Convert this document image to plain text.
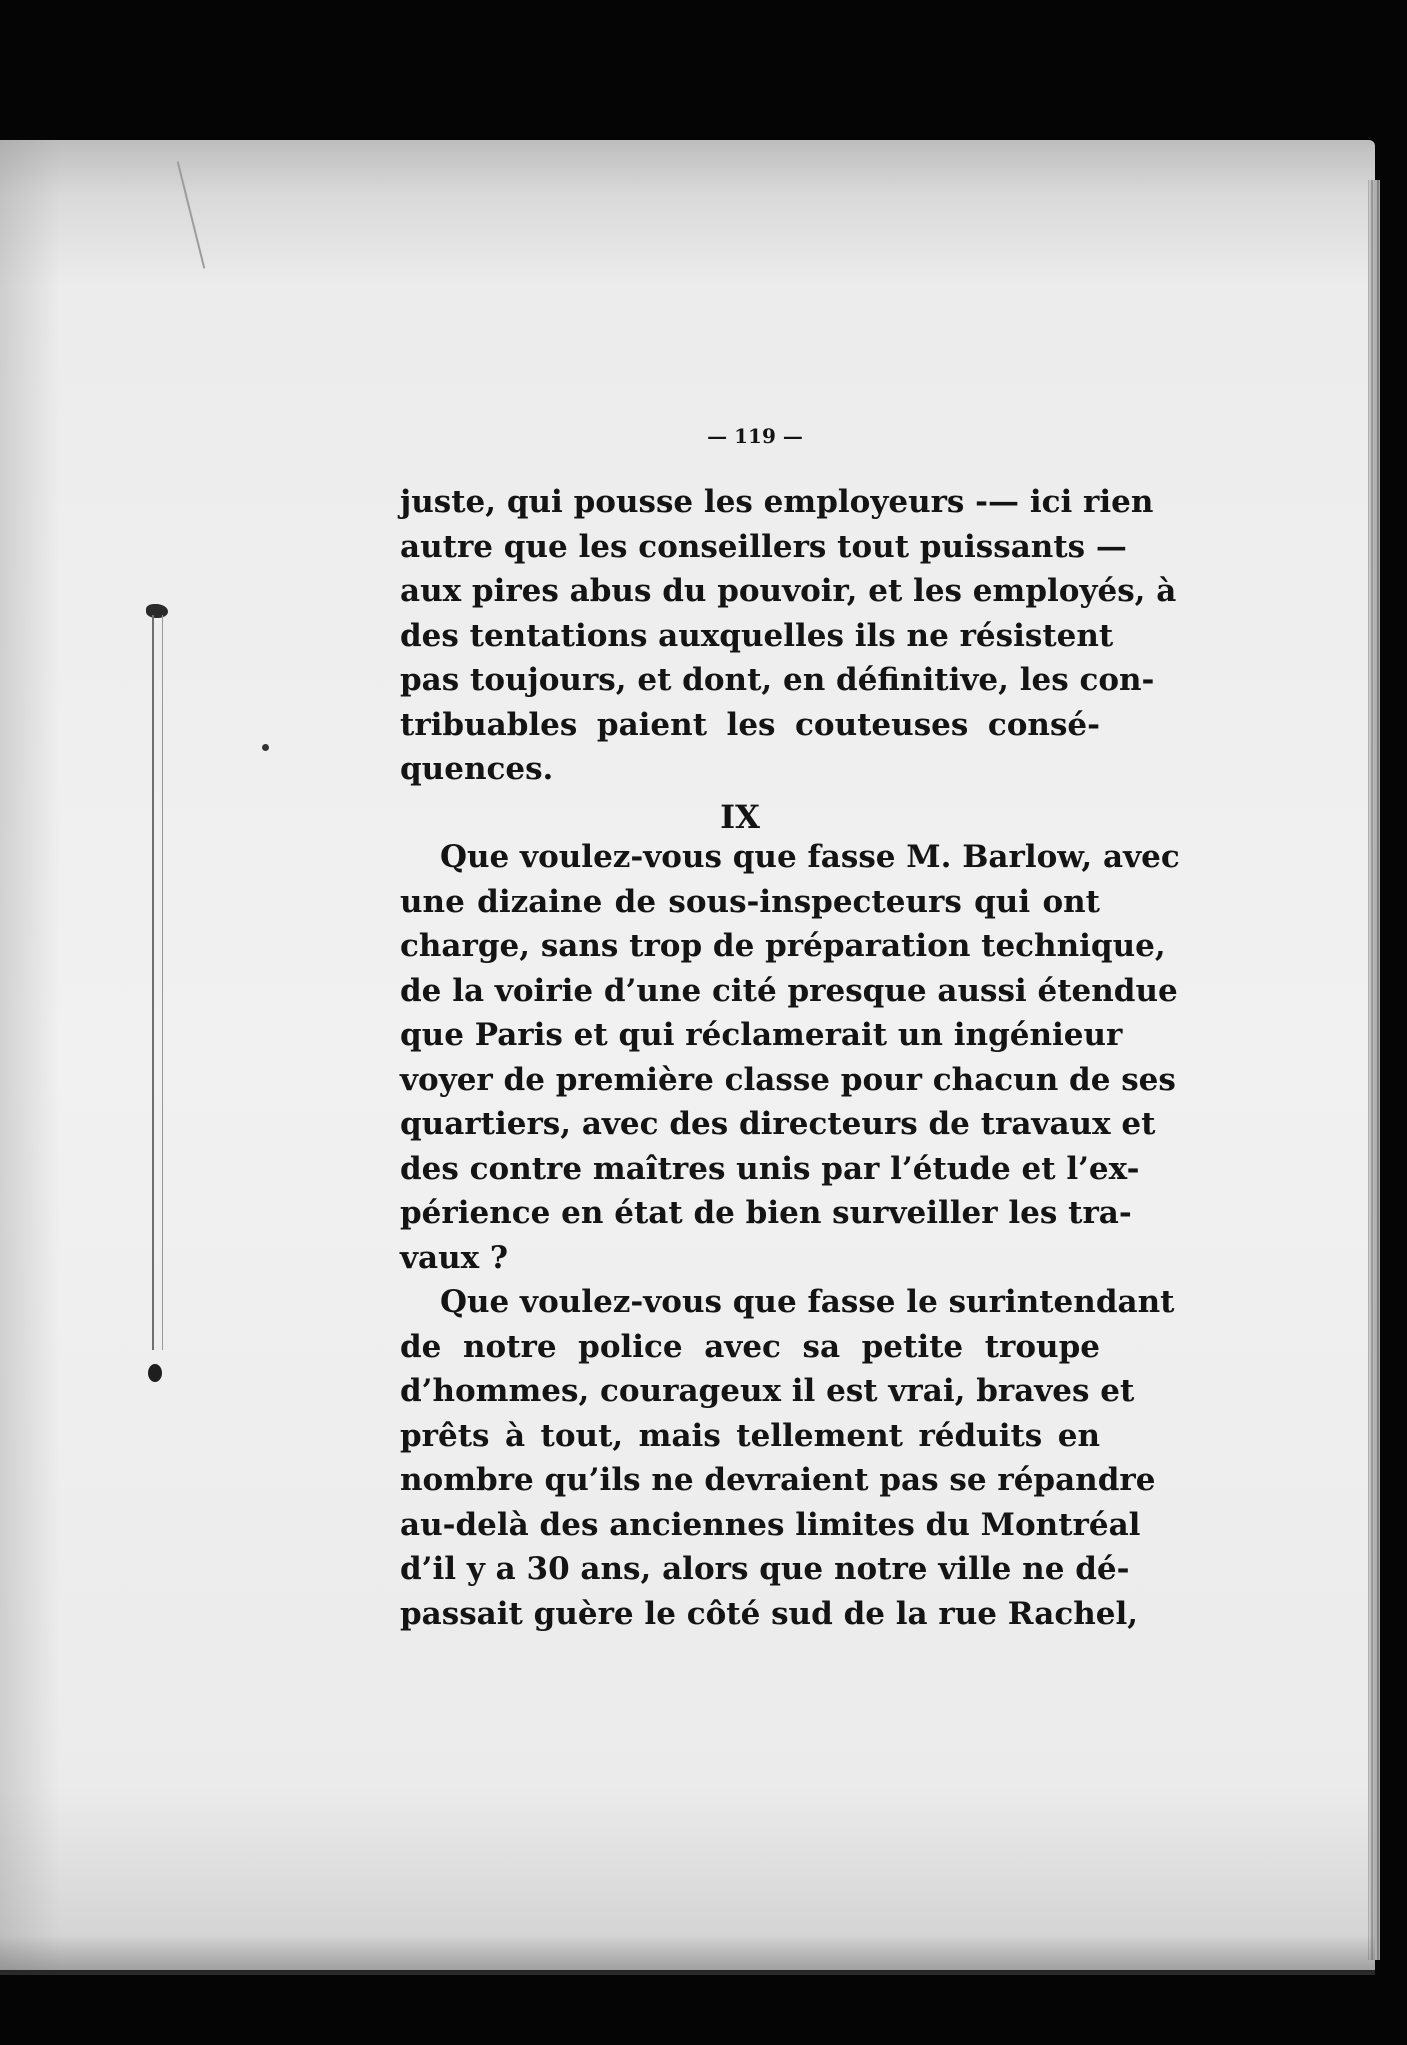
— 119 —
juste, qui pousse les employeurs -— ici rien
autre que les conseillers tout puissants —
aux pires abus du pouvoir, et les employés, à
des tentations auxquelles ils ne résistent
pas toujours, et dont, en définitive, les con-
tribuables paient les couteuses consé-
quences.
IX
Que voulez-vous que fasse M. Barlow, avec
une dizaine de sous-inspecteurs qui ont
charge, sans trop de préparation technique,
de la voirie d’une cité presque aussi étendue
que Paris et qui réclamerait un ingénieur
voyer de première classe pour chacun de ses
quartiers, avec des directeurs de travaux et
des contre maîtres unis par l’étude et l’ex-
périence en état de bien surveiller les tra-
vaux ?
Que voulez-vous que fasse le surintendant
de notre police avec sa petite troupe
d’hommes, courageux il est vrai, braves et
prêts à tout, mais tellement réduits en
nombre qu’ils ne devraient pas se répandre
au-delà des anciennes limites du Montréal
d’il y a 30 ans, alors que notre ville ne dé-
passait guère le côté sud de la rue Rachel,
